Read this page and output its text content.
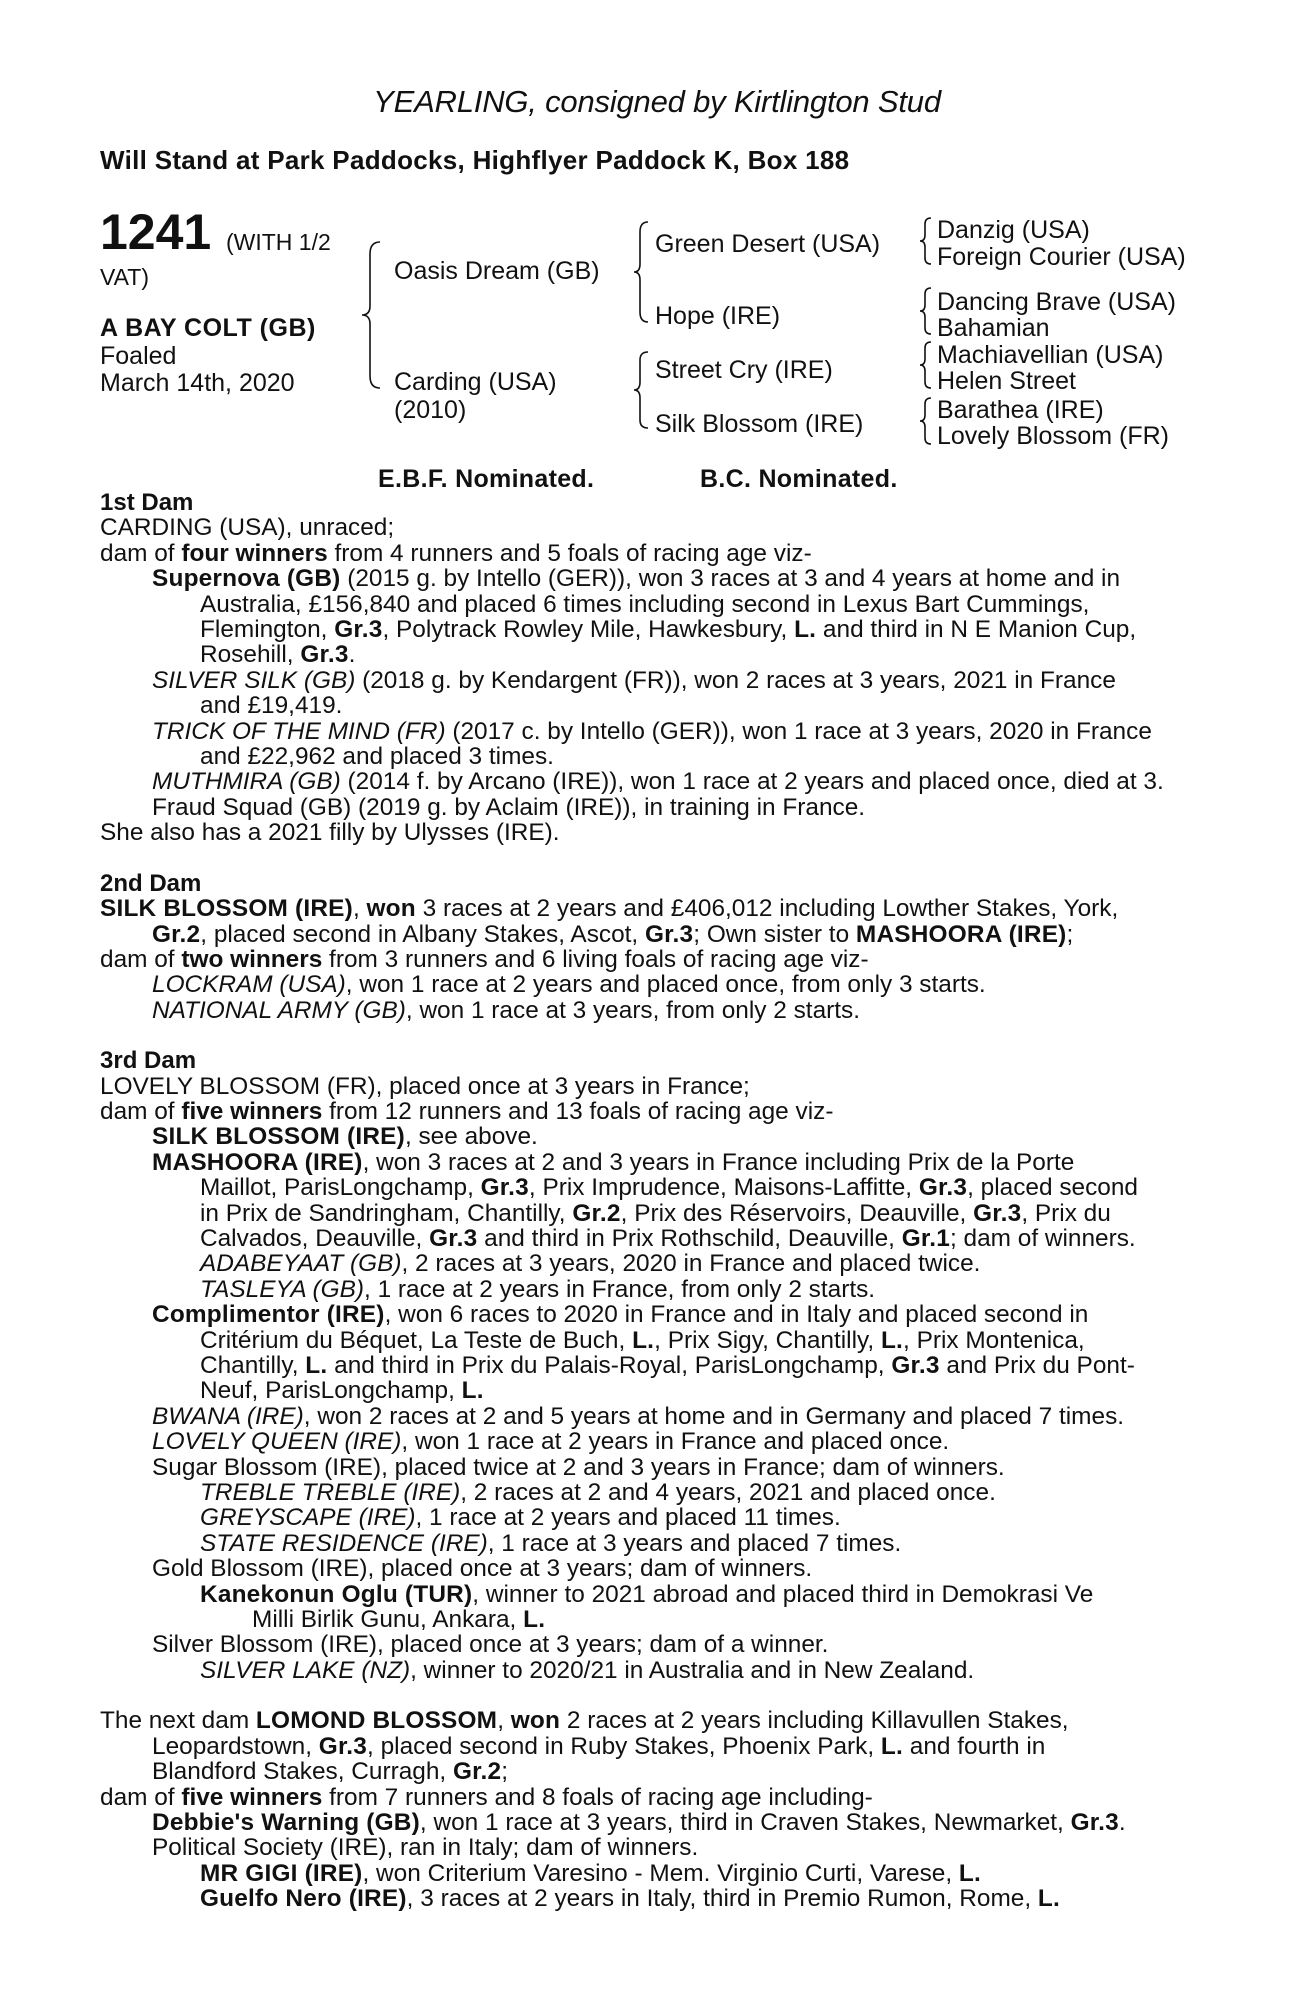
YEARLING, consigned by Kirtlington Stud
Will Stand at Park Paddocks, Highflyer Paddock K, Box 188
1241 (WITH 1/2
VAT)
A BAY COLT (GB)
Foaled
March 14th, 2020
Oasis Dream (GB)
Carding (USA)
(2010)
Green Desert (USA)
Hope (IRE)
Street Cry (IRE)
Silk Blossom (IRE)
Danzig (USA)
Foreign Courier (USA)
Dancing Brave (USA)
Bahamian
Machiavellian (USA)
Helen Street
Barathea (IRE)
Lovely Blossom (FR)
E.B.F. Nominated.	B.C. Nominated.

1st Dam

CARDING (USA), unraced;

dam of four winners from 4 runners and 5 foals of racing age viz-

Supernova (GB) (2015 g. by Intello (GER)), won 3 races at 3 and 4 years at home and in

Australia, £156,840 and placed 6 times including second in Lexus Bart Cummings,

Flemington, Gr.3, Polytrack Rowley Mile, Hawkesbury, L. and third in N E Manion Cup,

Rosehill, Gr.3.

SILVER SILK (GB) (2018 g. by Kendargent (FR)), won 2 races at 3 years, 2021 in France

and £19,419.

TRICK OF THE MIND (FR) (2017 c. by Intello (GER)), won 1 race at 3 years, 2020 in France

and £22,962 and placed 3 times.

MUTHMIRA (GB) (2014 f. by Arcano (IRE)), won 1 race at 2 years and placed once, died at 3.

Fraud Squad (GB) (2019 g. by Aclaim (IRE)), in training in France.

She also has a 2021 filly by Ulysses (IRE).

2nd Dam

SILK BLOSSOM (IRE), won 3 races at 2 years and £406,012 including Lowther Stakes, York,

Gr.2, placed second in Albany Stakes, Ascot, Gr.3; Own sister to MASHOORA (IRE);

dam of two winners from 3 runners and 6 living foals of racing age viz-

LOCKRAM (USA), won 1 race at 2 years and placed once, from only 3 starts.

NATIONAL ARMY (GB), won 1 race at 3 years, from only 2 starts.

3rd Dam

LOVELY BLOSSOM (FR), placed once at 3 years in France;

dam of five winners from 12 runners and 13 foals of racing age viz-

SILK BLOSSOM (IRE), see above.

MASHOORA (IRE), won 3 races at 2 and 3 years in France including Prix de la Porte

Maillot, ParisLongchamp, Gr.3, Prix Imprudence, Maisons-Laffitte, Gr.3, placed second

in Prix de Sandringham, Chantilly, Gr.2, Prix des Réservoirs, Deauville, Gr.3, Prix du

Calvados, Deauville, Gr.3 and third in Prix Rothschild, Deauville, Gr.1; dam of winners.

ADABEYAAT (GB), 2 races at 3 years, 2020 in France and placed twice.

TASLEYA (GB), 1 race at 2 years in France, from only 2 starts.

Complimentor (IRE), won 6 races to 2020 in France and in Italy and placed second in

Critérium du Béquet, La Teste de Buch, L., Prix Sigy, Chantilly, L., Prix Montenica,

Chantilly, L. and third in Prix du Palais-Royal, ParisLongchamp, Gr.3 and Prix du Pont-

Neuf, ParisLongchamp, L.

BWANA (IRE), won 2 races at 2 and 5 years at home and in Germany and placed 7 times.

LOVELY QUEEN (IRE), won 1 race at 2 years in France and placed once.

Sugar Blossom (IRE), placed twice at 2 and 3 years in France; dam of winners.

TREBLE TREBLE (IRE), 2 races at 2 and 4 years, 2021 and placed once.

GREYSCAPE (IRE), 1 race at 2 years and placed 11 times.

STATE RESIDENCE (IRE), 1 race at 3 years and placed 7 times.

Gold Blossom (IRE), placed once at 3 years; dam of winners.

Kanekonun Oglu (TUR), winner to 2021 abroad and placed third in Demokrasi Ve

Milli Birlik Gunu, Ankara, L.

Silver Blossom (IRE), placed once at 3 years; dam of a winner.

SILVER LAKE (NZ), winner to 2020/21 in Australia and in New Zealand.

The next dam LOMOND BLOSSOM, won 2 races at 2 years including Killavullen Stakes,

Leopardstown, Gr.3, placed second in Ruby Stakes, Phoenix Park, L. and fourth in

Blandford Stakes, Curragh, Gr.2;

dam of five winners from 7 runners and 8 foals of racing age including-

Debbie's Warning (GB), won 1 race at 3 years, third in Craven Stakes, Newmarket, Gr.3.

Political Society (IRE), ran in Italy; dam of winners.

MR GIGI (IRE), won Criterium Varesino - Mem. Virginio Curti, Varese, L.

Guelfo Nero (IRE), 3 races at 2 years in Italy, third in Premio Rumon, Rome, L.
